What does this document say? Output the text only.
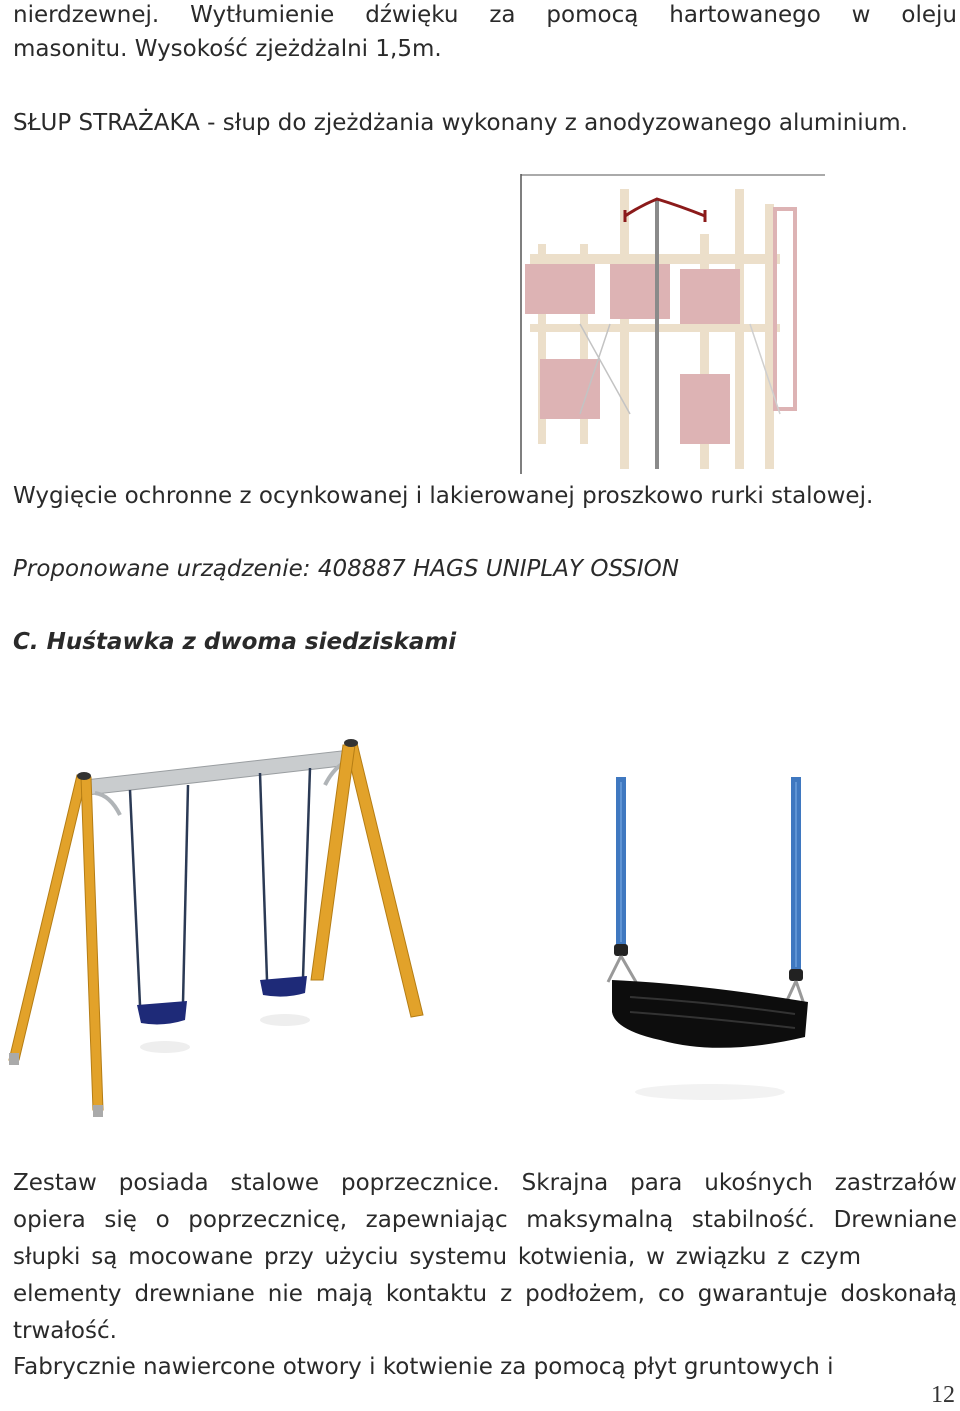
nierdzewnej. Wytłumienie dźwięku za pomocą hartowanego w oleju
masonitu. Wysokość zjeżdżalni 1,5m.
SŁUP STRAŻAKA - słup do zjeżdżania wykonany z anodyzowanego aluminium.
Wygięcie ochronne z ocynkowanej i lakierowanej proszkowo rurki stalowej.
Proponowane urządzenie: 408887 HAGS UNIPLAY OSSION
C. Huśtawka z dwoma siedziskami
Zestaw posiada stalowe poprzecznice. Skrajna para ukośnych zastrzałów
opiera się o poprzecznicę, zapewniając maksymalną stabilność. Drewniane
słupki są mocowane przy użyciu systemu kotwienia, w związku z czym
elementy drewniane nie mają kontaktu z podłożem, co gwarantuje doskonałą
trwałość.
Fabrycznie nawiercone otwory i kotwienie za pomocą płyt gruntowych i
12
